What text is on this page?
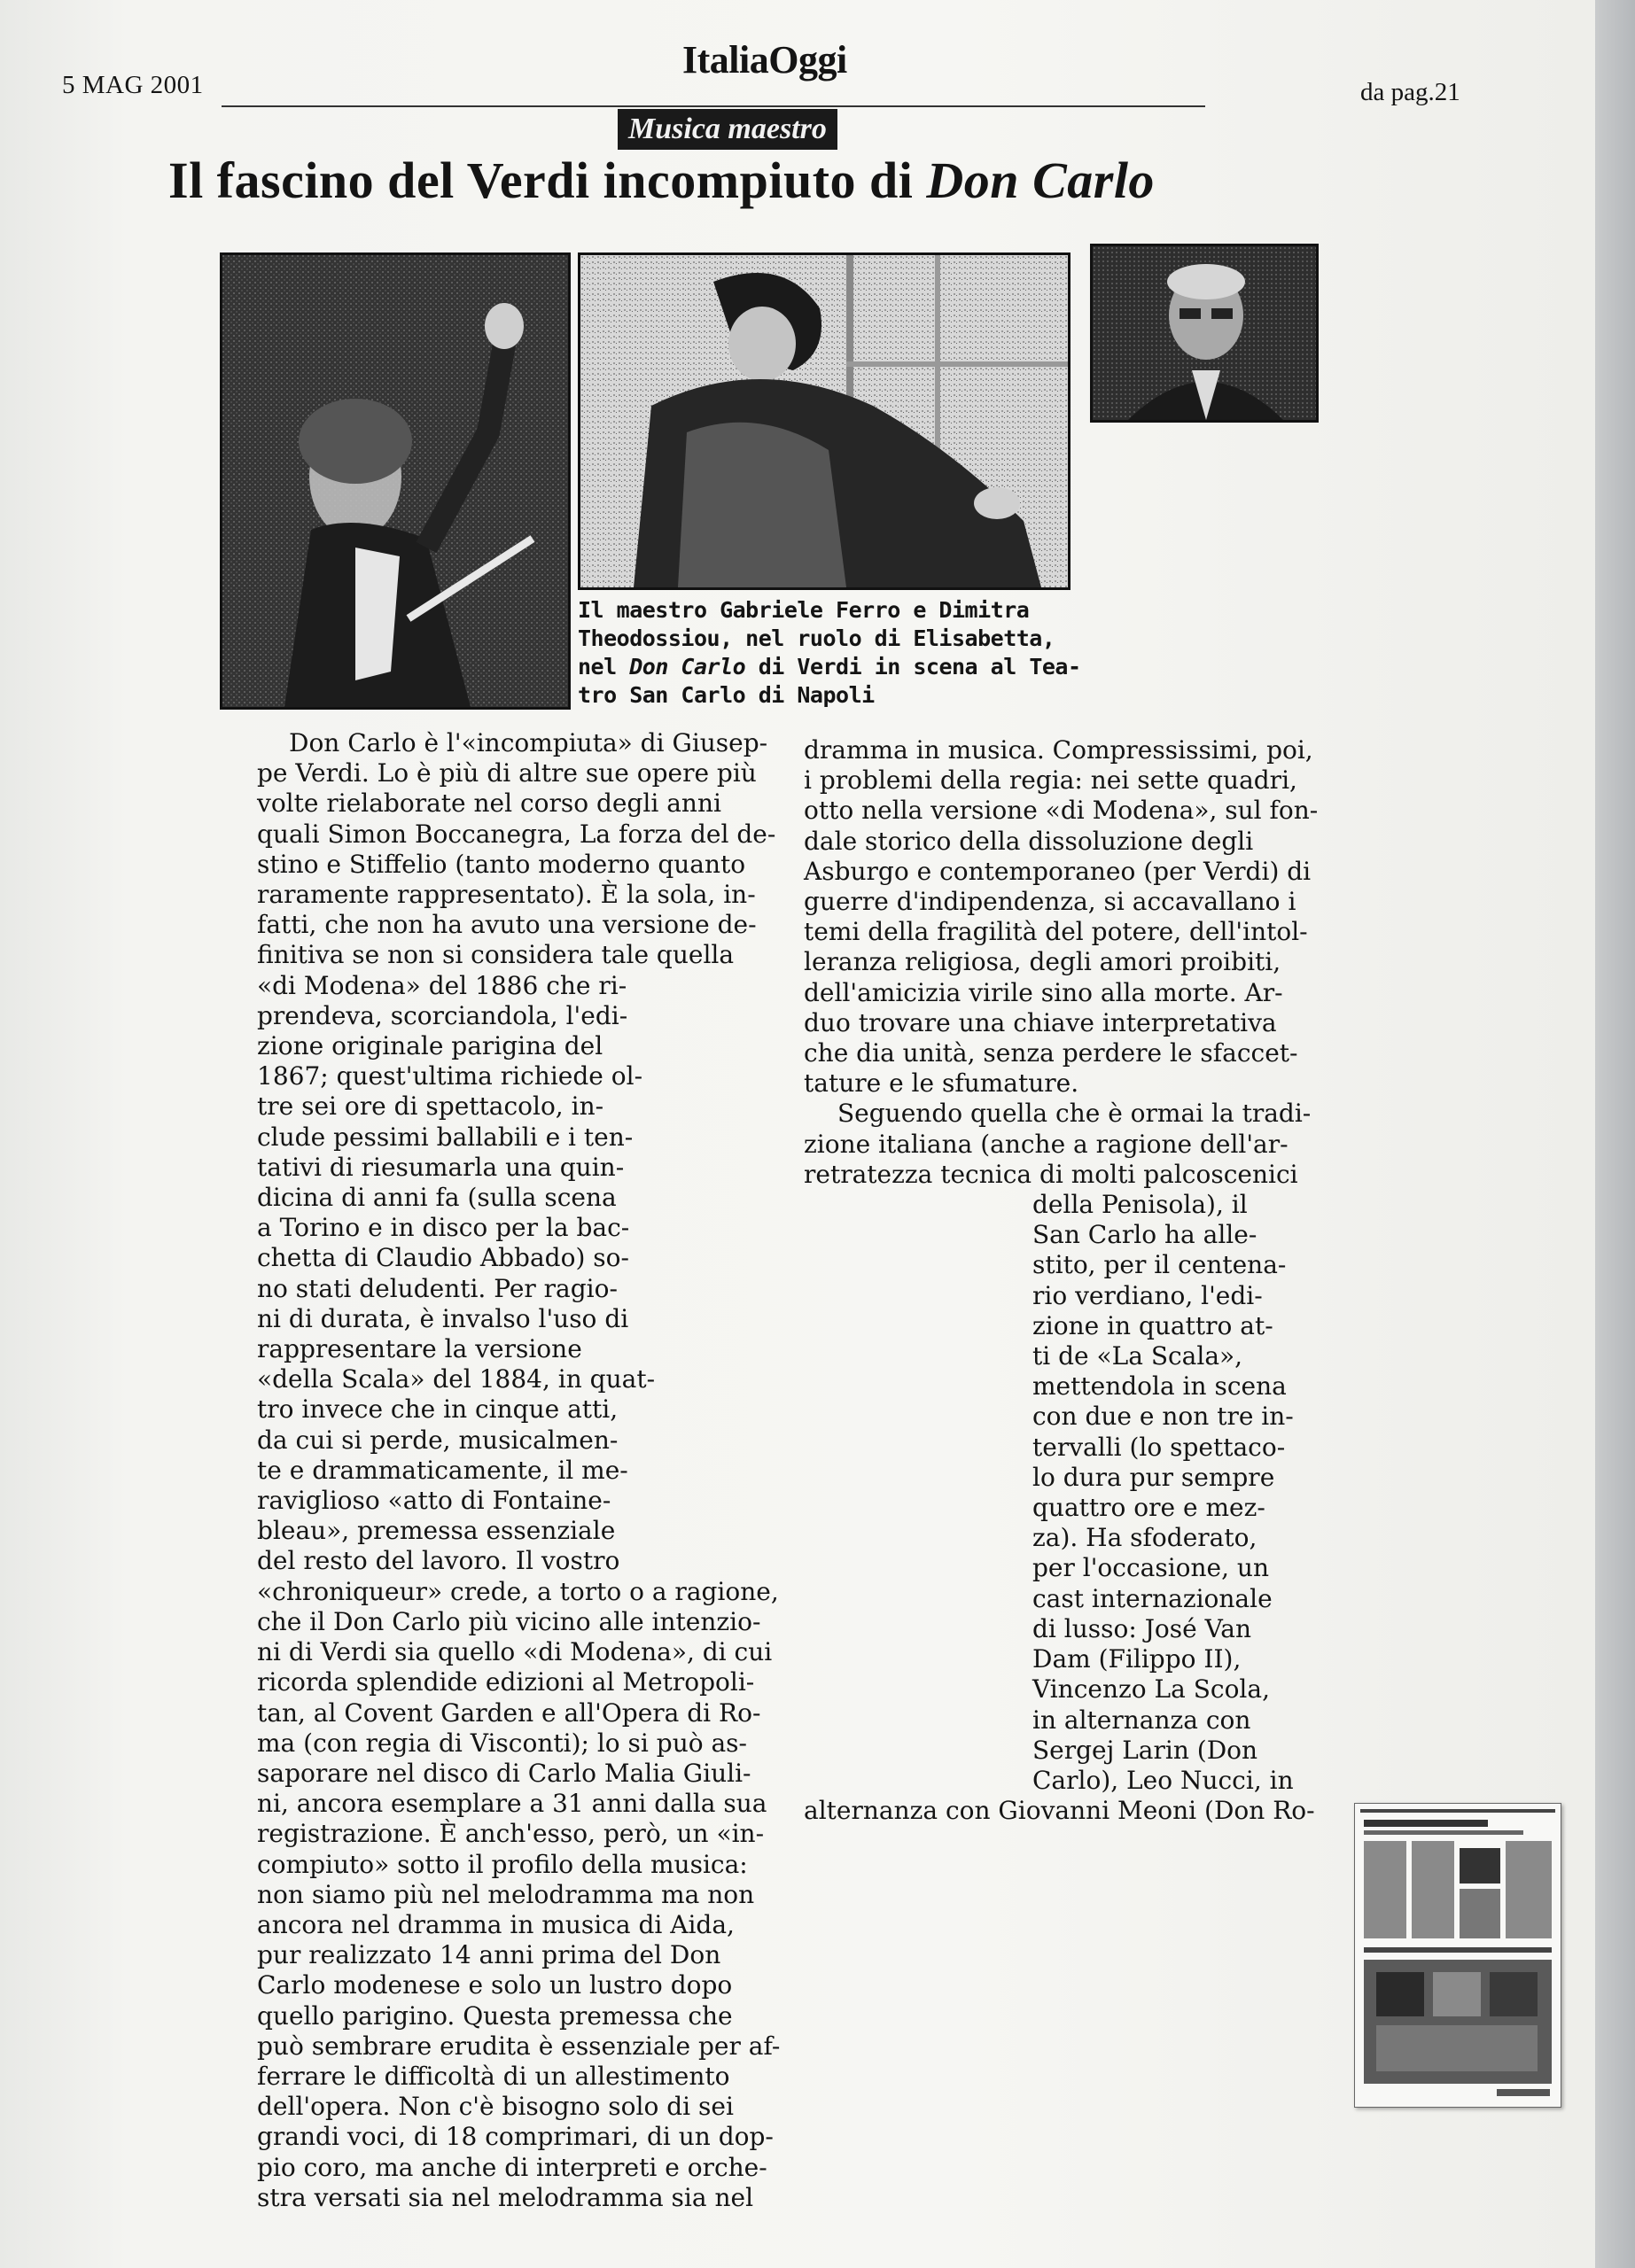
5 MAG 2001
ItaliaOggi
da pag.21
Musica maestro
Il fascino del Verdi incompiuto di Don Carlo

Il maestro Gabriele Ferro e Dimitra

Theodossiou, nel ruolo di Elisabetta,

nel Don Carlo di Verdi in scena al Tea-

tro San Carlo di Napoli

Don Carlo è l'«incompiuta» di Giusep-

pe Verdi. Lo è più di altre sue opere più

volte rielaborate nel corso degli anni

quali Simon Boccanegra, La forza del de-

stino e Stiffelio (tanto moderno quanto

raramente rappresentato). È la sola, in-

fatti, che non ha avuto una versione de-

finitiva se non si considera tale quella

«di Modena» del 1886 che ri-

prendeva, scorciandola, l'edi-

zione originale parigina del

1867; quest'ultima richiede ol-

tre sei ore di spettacolo, in-

clude pessimi ballabili e i ten-

tativi di riesumarla una quin-

dicina di anni fa (sulla scena

a Torino e in disco per la bac-

chetta di Claudio Abbado) so-

no stati deludenti. Per ragio-

ni di durata, è invalso l'uso di

rappresentare la versione

«della Scala» del 1884, in quat-

tro invece che in cinque atti,

da cui si perde, musicalmen-

te e drammaticamente, il me-

raviglioso «atto di Fontaine-

bleau», premessa essenziale

del resto del lavoro. Il vostro

«chroniqueur» crede, a torto o a ragione,

che il Don Carlo più vicino alle intenzio-

ni di Verdi sia quello «di Modena», di cui

ricorda splendide edizioni al Metropoli-

tan, al Covent Garden e all'Opera di Ro-

ma (con regia di Visconti); lo si può as-

saporare nel disco di Carlo Malia Giuli-

ni, ancora esemplare a 31 anni dalla sua

registrazione. È anch'esso, però, un «in-

compiuto» sotto il profilo della musica:

non siamo più nel melodramma ma non

ancora nel dramma in musica di Aida,

pur realizzato 14 anni prima del Don

Carlo modenese e solo un lustro dopo

quello parigino. Questa premessa che

può sembrare erudita è essenziale per af-

ferrare le difficoltà di un allestimento

dell'opera. Non c'è bisogno solo di sei

grandi voci, di 18 comprimari, di un dop-

pio coro, ma anche di interpreti e orche-

stra versati sia nel melodramma sia nel

dramma in musica. Compressissimi, poi,

i problemi della regia: nei sette quadri,

otto nella versione «di Modena», sul fon-

dale storico della dissoluzione degli

Asburgo e contemporaneo (per Verdi) di

guerre d'indipendenza, si accavallano i

temi della fragilità del potere, dell'intol-

leranza religiosa, degli amori proibiti,

dell'amicizia virile sino alla morte. Ar-

duo trovare una chiave interpretativa

che dia unità, senza perdere le sfaccet-

tature e le sfumature.

Seguendo quella che è ormai la tradi-

zione italiana (anche a ragione dell'ar-

retratezza tecnica di molti palcoscenici

della Penisola), il

San Carlo ha alle-

stito, per il centena-

rio verdiano, l'edi-

zione in quattro at-

ti de «La Scala»,

mettendola in scena

con due e non tre in-

tervalli (lo spettaco-

lo dura pur sempre

quattro ore e mez-

za). Ha sfoderato,

per l'occasione, un

cast internazionale

di lusso: José Van

Dam (Filippo II),

Vincenzo La Scola,

in alternanza con

Sergej Larin (Don

Carlo), Leo Nucci, in

alternanza con Giovanni Meoni (Don Ro-
